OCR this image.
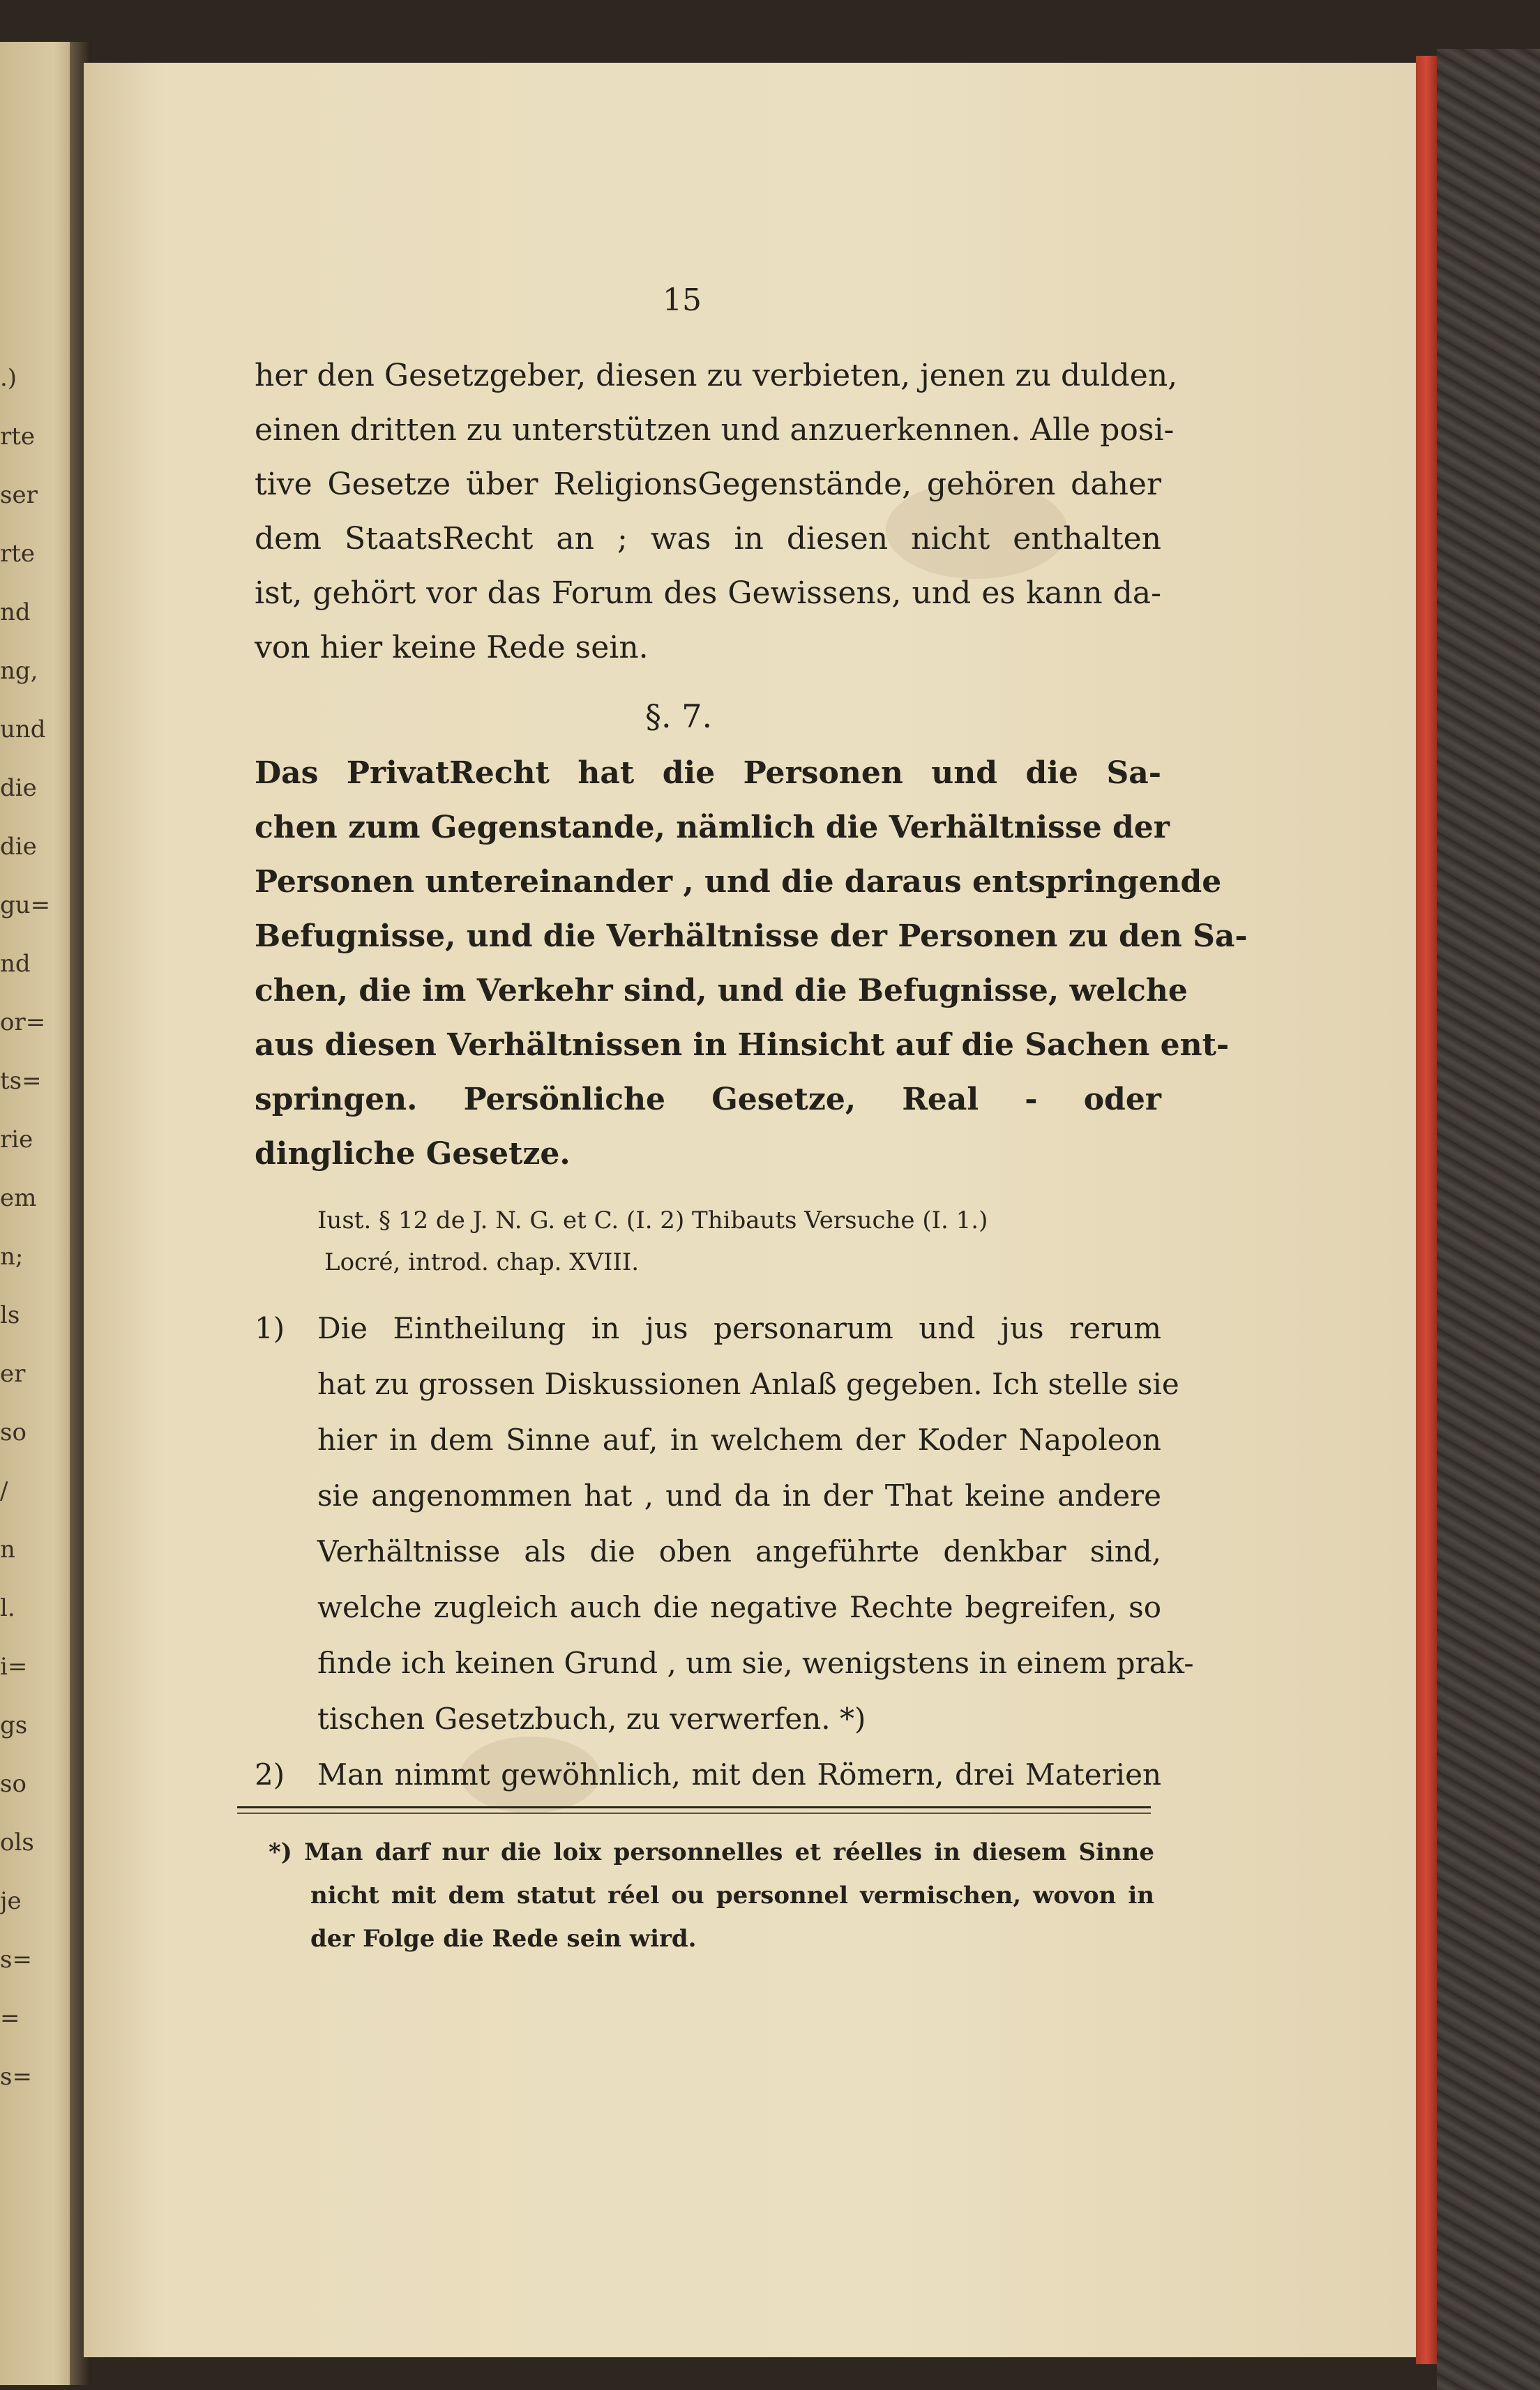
.)
rte
ser
rte
nd
ng,
und
die
die
gu=
nd
or=
ts=
rie
em
n;
ls
er
so
/
n
l.
i=
gs
so
ols
je
s=
=
s=
15
her den Gesetzgeber, diesen zu verbieten, jenen zu dulden,
einen dritten zu unterstützen und anzuerkennen. Alle posi-
tive Gesetze über ReligionsGegenstände, gehören daher
dem StaatsRecht an ; was in diesen nicht enthalten
ist, gehört vor das Forum des Gewissens, und es kann da-
von hier keine Rede sein.
§. 7.
Das PrivatRecht hat die Personen und die Sa-
chen zum Gegenstande, nämlich die Verhältnisse der
Personen untereinander , und die daraus entspringende
Befugnisse, und die Verhältnisse der Personen zu den Sa-
chen, die im Verkehr sind, und die Befugnisse, welche
aus diesen Verhältnissen in Hinsicht auf die Sachen ent-
springen. Persönliche Gesetze, Real - oder
dingliche Gesetze.
Iust. § 12 de J. N. G. et C. (I. 2) Thibauts Versuche (I. 1.)
Locré, introd. chap. XVIII.
1) Die Eintheilung in jus personarum und jus rerum
hat zu grossen Diskussionen Anlaß gegeben. Ich stelle sie
hier in dem Sinne auf, in welchem der Koder Napoleon
sie angenommen hat , und da in der That keine andere
Verhältnisse als die oben angeführte denkbar sind,
welche zugleich auch die negative Rechte begreifen, so
finde ich keinen Grund , um sie, wenigstens in einem prak-
tischen Gesetzbuch, zu verwerfen. *)
2) Man nimmt gewöhnlich, mit den Römern, drei Materien
*) Man darf nur die loix personnelles et réelles in diesem Sinne
nicht mit dem statut réel ou personnel vermischen, wovon in
der Folge die Rede sein wird.
